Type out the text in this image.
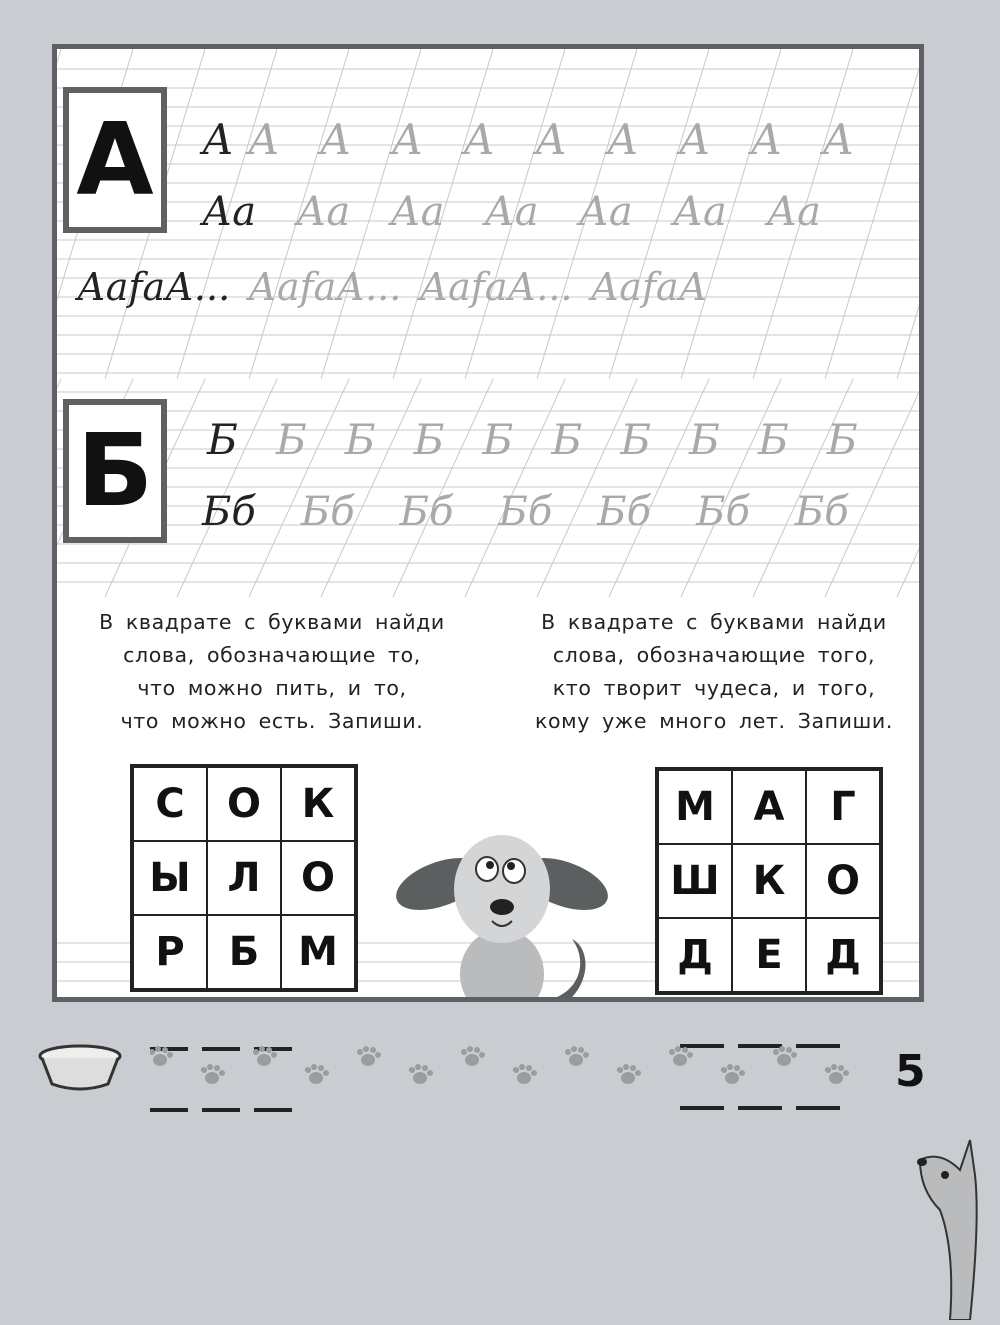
А А А А А А А А А А А
Аа Аа Аа Аа Аа Аа Аа
АаfаА... АаfаА... АаfаА... АаfаА
Б Б Б Б Б Б Б Б Б Б Б
Бб Бб Бб Бб Бб Бб Бб
В квадрате с буквами найди
слова, обозначающие то,
что можно пить, и то,
что можно есть. Запиши.
В квадрате с буквами найди
слова, обозначающие того,
кто творит чудеса, и того,
кому уже много лет. Запиши.
С	О	К
Ы Л	О
Р	Б М
М А	Г
Ш К	О
Д	Е	Д
5
